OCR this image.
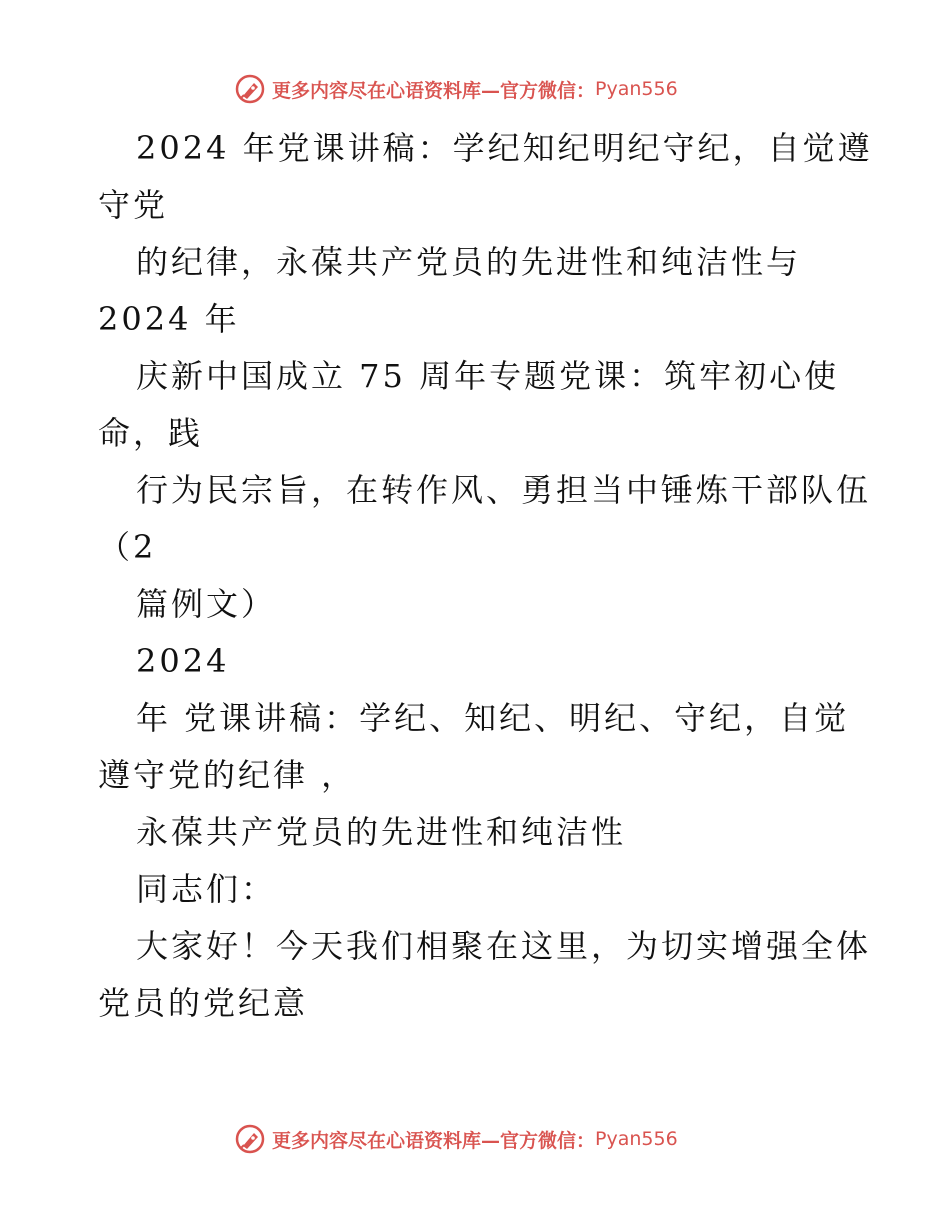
更多内容尽在心语资料库—官方微信： Pyan556
2024 年党课讲稿：学纪知纪明纪守纪，自觉遵
守党
的纪律，永葆共产党员的先进性和纯洁性与
2024 年
庆新中国成立 75 周年专题党课：筑牢初心使
命，践
行为民宗旨，在转作风、勇担当中锤炼干部队伍
（2
篇例文）
2024
年 党课讲稿：学纪、知纪、明纪、守纪，自觉
遵守党的纪律 ，
永葆共产党员的先进性和纯洁性
同志们：
大家好！今天我们相聚在这里，为切实增强全体
党员的党纪意
更多内容尽在心语资料库—官方微信： Pyan556
